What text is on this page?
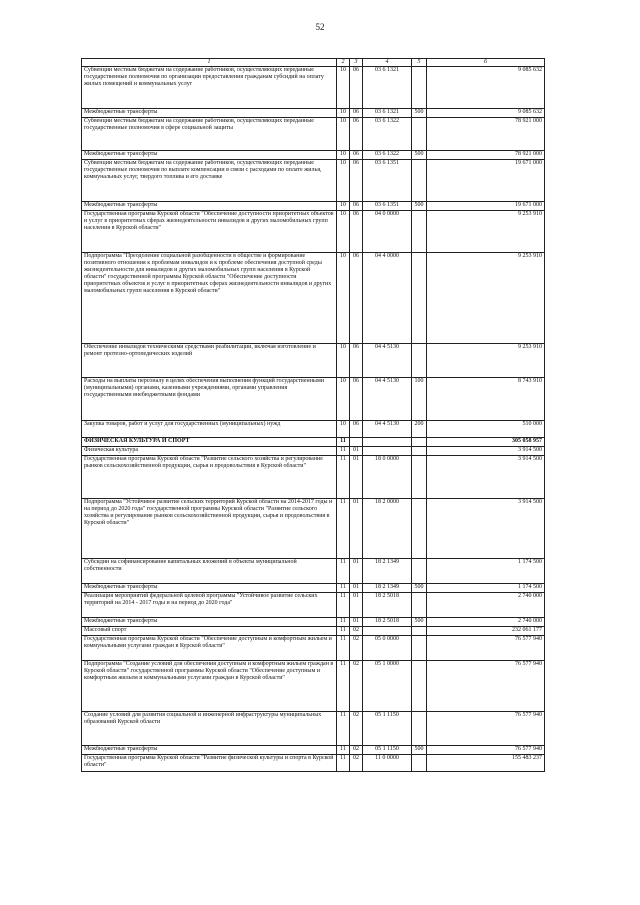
52
1	2	3	4	5	6
Субвенции местным бюджетам на содержание работников, осуществляющих переданные государственные полномочия по организации предоставления гражданам субсидий на оплату жилых помещений и коммунальных услуг	10	06	03 6 1321		9 085 632
Межбюджетные трансферты	10	06	03 6 1321	500	9 085 632
Субвенции местным бюджетам на содержание работников, осуществляющих переданные государственные полномочия в сфере социальной защиты	10	06	03 6 1322		78 921 000
Межбюджетные трансферты	10	06	03 6 1322	500	78 921 000
Субвенции местным бюджетам на содержание работников, осуществляющих переданные государственные полномочия по выплате компенсации в связи с расходами по оплате жилья, коммунальных услуг, твердого топлива и его доставке	10	06	03 6 1351		19 671 000
Межбюджетные трансферты	10	06	03 6 1351	500	19 671 000
Государственная программа Курской области "Обеспечение доступности приоритетных объектов и услуг в приоритетных сферах жизнедеятельности инвалидов и других маломобильных групп населения в Курской области"	10	06	04 0 0000		9 253 910
Подпрограмма "Преодоление социальной разобщенности в обществе и формирование позитивного отношения к проблемам инвалидов и к проблеме обеспечения доступной среды жизнедеятельности для инвалидов и других маломобильных групп населения в Курской области" государственной программы Курской области "Обеспечение доступности приоритетных объектов и услуг в приоритетных сферах жизнедеятельности инвалидов и других маломобильных групп населения в Курской области"	10	06	04 4 0000		9 253 910
Обеспечение инвалидов техническими средствами реабилитации, включая изготовление и ремонт протезно-ортопедических изделий	10	06	04 4 5130		9 253 910
Расходы на выплаты персоналу в целях обеспечения выполнения функций государственными (муниципальными) органами, казенными учреждениями, органами управления государственными внебюджетными фондами	10	06	04 4 5130	100	8 743 910
Закупка товаров, работ и услуг для государственных (муниципальных) нужд	10	06	04 4 5130	200	510 000
ФИЗИЧЕСКАЯ КУЛЬТУРА И СПОРТ	11				305 058 957
Физическая культура	11	01			3 914 500
Государственная программа Курской области "Развитие сельского хозяйства и регулирование рынков сельскохозяйственной продукции, сырья и продовольствия в Курской области"	11	01	18 0 0000		3 914 500
Подпрограмма "Устойчивое развитие сельских территорий Курской области на 2014-2017 годы и на период до 2020 года" государственной программы Курской области "Развитие сельского хозяйства и регулирование рынков сельскохозяйственной продукции, сырья и продовольствия в Курской области"	11	01	18 2 0000		3 914 500
Субсидии на софинансирование капитальных вложений в объекты муниципальной собственности	11	01	18 2 1349		1 174 500
Межбюджетные трансферты	11	01	18 2 1349	500	1 174 500
Реализация мероприятий федеральной целевой программы "Устойчивое развитие сельских территорий на 2014 - 2017 годы и на период до 2020 года"	11	01	18 2 5018		2 740 000
Межбюджетные трансферты	11	01	18 2 5018	500	2 740 000
Массовый спорт	11	02			232 061 177
Государственная программа Курской области "Обеспечение доступным и комфортным жильем и коммунальными услугами граждан в Курской области"	11	02	05 0 0000		76 577 940
Подпрограмма "Создание условий для обеспечения доступным и комфортным жильем граждан в Курской области" государственной программы Курской области "Обеспечение доступным и комфортным жильем и коммунальными услугами граждан в Курской области"	11	02	05 1 0000		76 577 940
Создание условий для развития социальной и инженерной инфраструктуры муниципальных образований Курской области	11	02	05 1 1150		76 577 940
Межбюджетные трансферты	11	02	05 1 1150	500	76 577 940
Государственная программа Курской области "Развитие физической культуры и спорта в Курской области"	11	02	11 0 0000		155 483 237
